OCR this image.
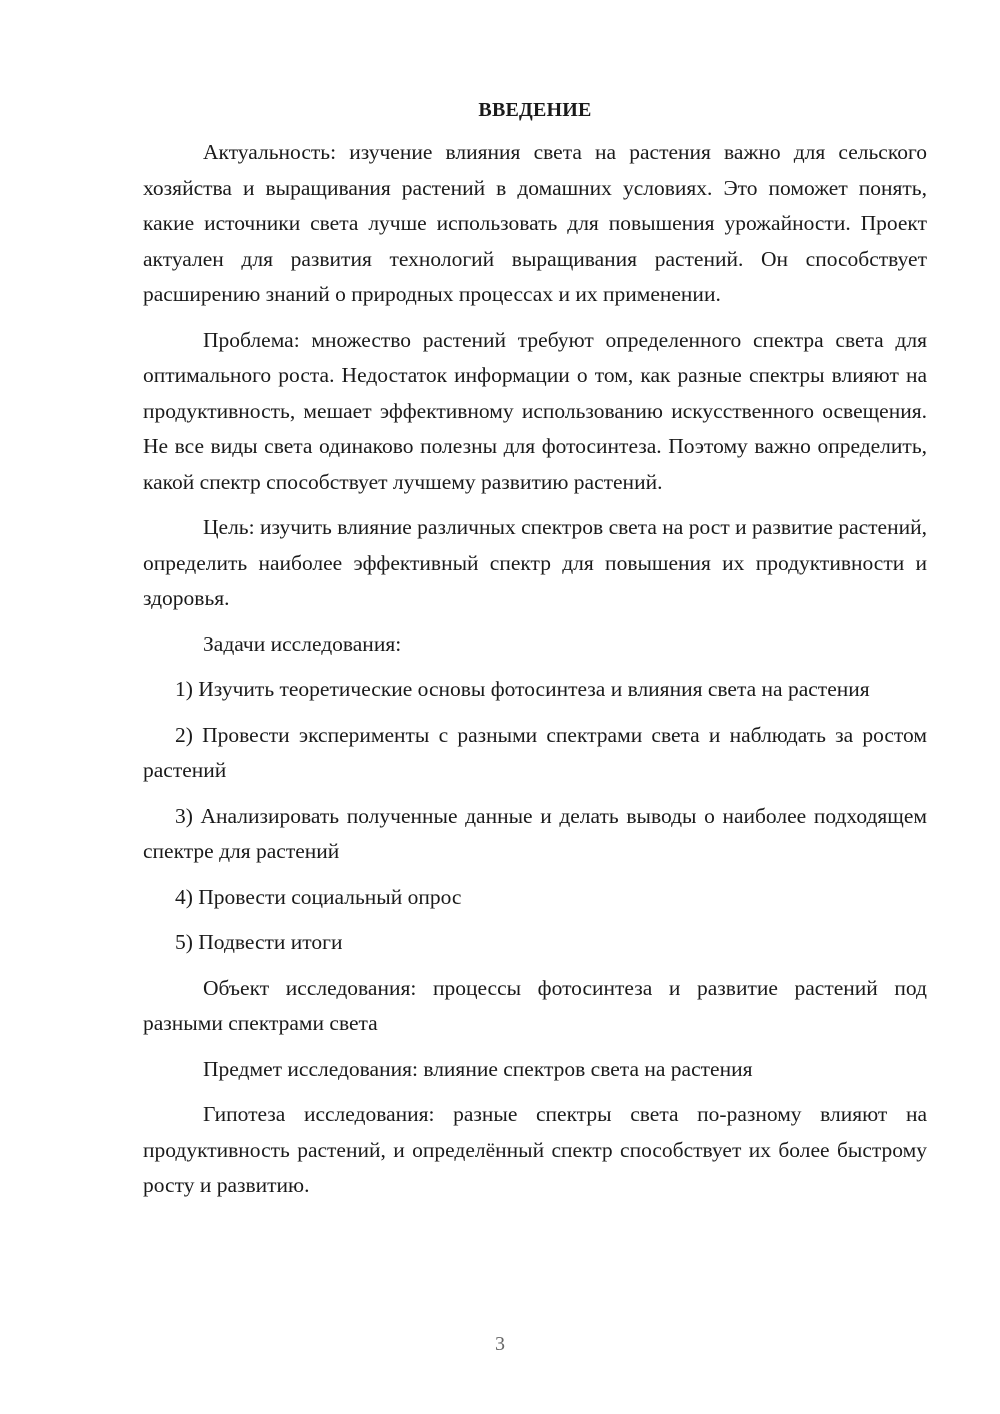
ВВЕДЕНИЕ

Актуальность: изучение влияния света на растения важно для сельского хозяйства и выращивания растений в домашних условиях. Это поможет понять, какие источники света лучше использовать для повышения урожайности. Проект актуален для развития технологий выращивания растений. Он способствует расширению знаний о природных процессах и их применении.

Проблема: множество растений требуют определенного спектра света для оптимального роста. Недостаток информации о том, как разные спектры влияют на продуктивность, мешает эффективному использованию искусственного освещения. Не все виды света одинаково полезны для фотосинтеза. Поэтому важно определить, какой спектр способствует лучшему развитию растений.

Цель: изучить влияние различных спектров света на рост и развитие растений, определить наиболее эффективный спектр для повышения их продуктивности и здоровья.

Задачи исследования:

1) Изучить теоретические основы фотосинтеза и влияния света на растения

2) Провести эксперименты с разными спектрами света и наблюдать за ростом растений

3) Анализировать полученные данные и делать выводы о наиболее подходящем спектре для растений

4) Провести социальный опрос

5) Подвести итоги

Объект исследования: процессы фотосинтеза и развитие растений под разными спектрами света

Предмет исследования: влияние спектров света на растения

Гипотеза исследования: разные спектры света по-разному влияют на продуктивность растений, и определённый спектр способствует их более быстрому росту и развитию.

3
